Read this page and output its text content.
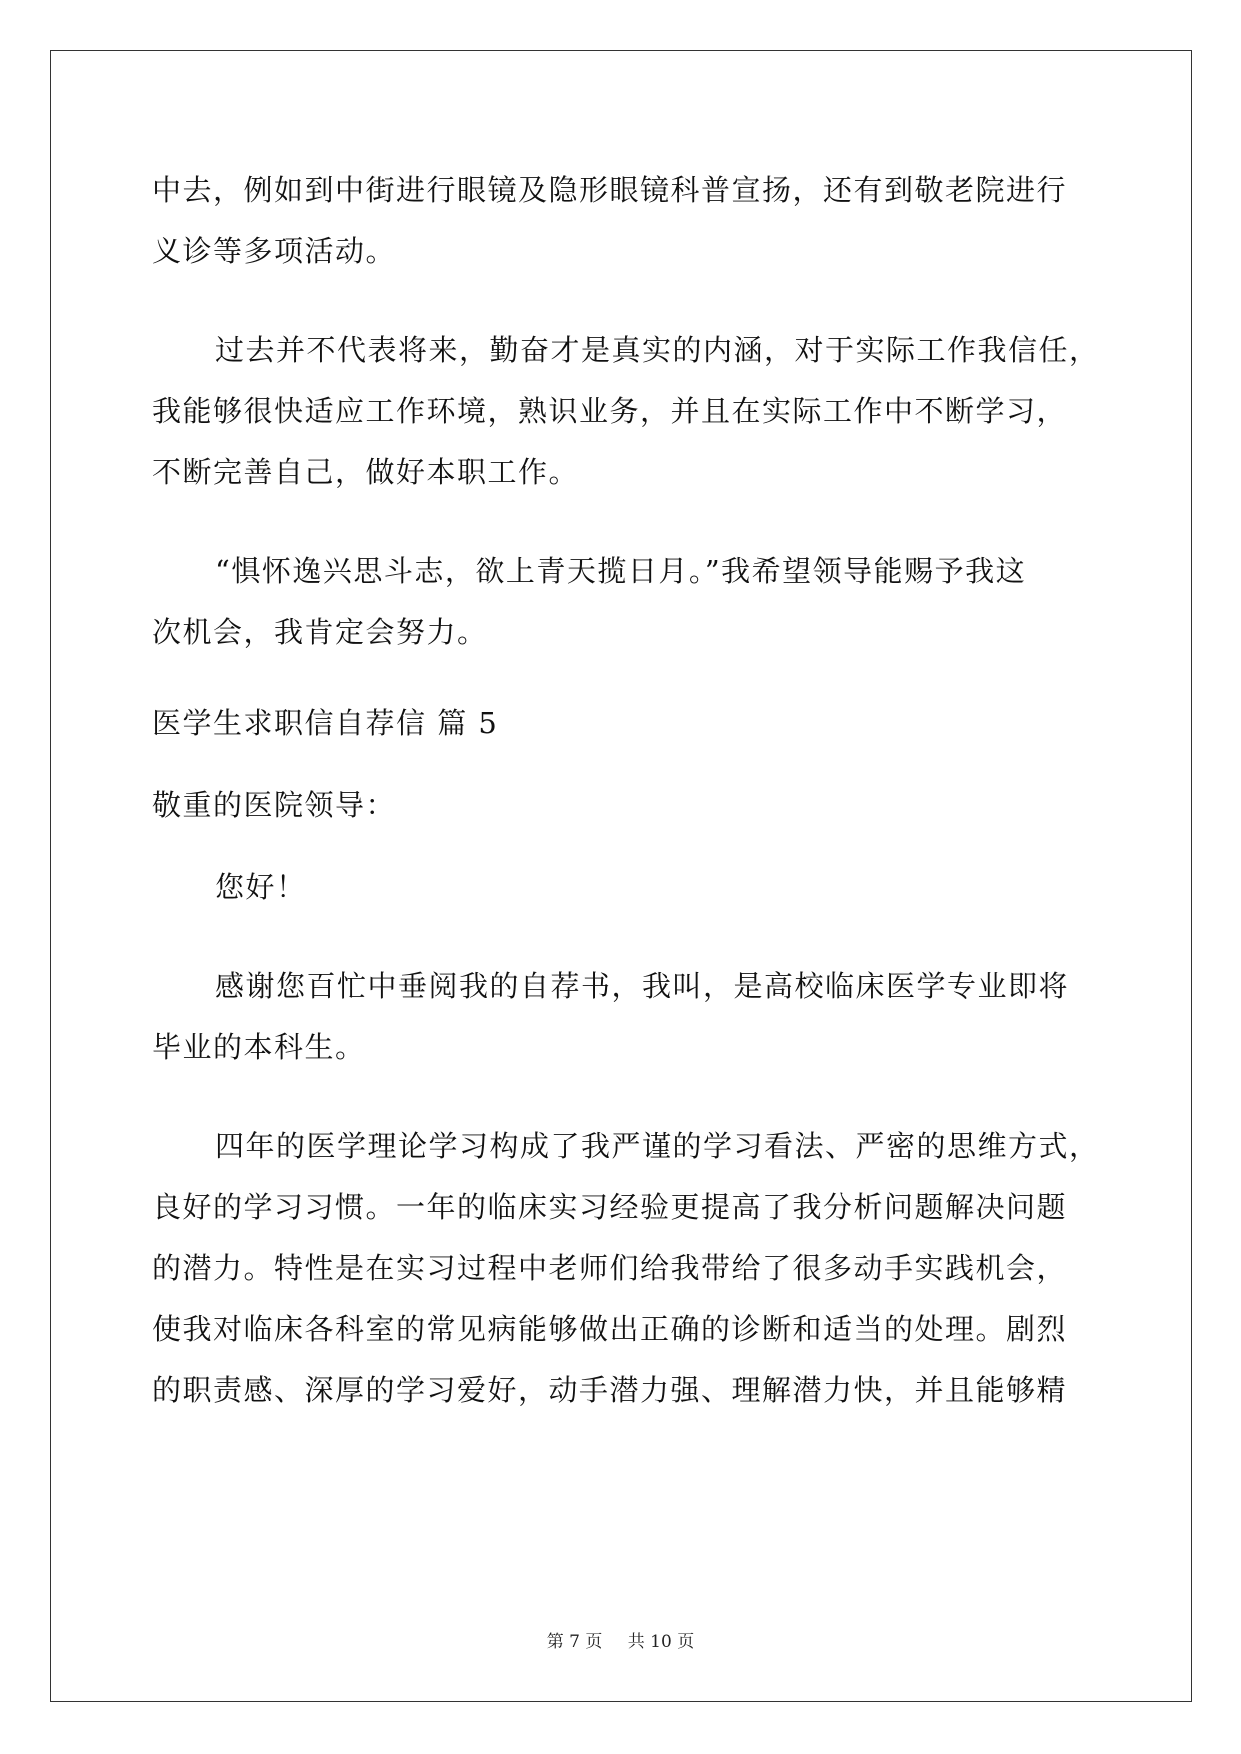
中去，例如到中街进行眼镜及隐形眼镜科普宣扬，还有到敬老院进行
义诊等多项活动。
过去并不代表将来，勤奋才是真实的内涵，对于实际工作我信任，
我能够很快适应工作环境，熟识业务，并且在实际工作中不断学习，
不断完善自己，做好本职工作。
“惧怀逸兴思斗志，欲上青天揽日月。”我希望领导能赐予我这
次机会，我肯定会努力。
医学生求职信自荐信 篇 5
敬重的医院领导：
您好！
感谢您百忙中垂阅我的自荐书，我叫，是高校临床医学专业即将
毕业的本科生。
四年的医学理论学习构成了我严谨的学习看法、严密的思维方式，
良好的学习习惯。一年的临床实习经验更提高了我分析问题解决问题
的潜力。特性是在实习过程中老师们给我带给了很多动手实践机会，
使我对临床各科室的常见病能够做出正确的诊断和适当的处理。剧烈
的职责感、深厚的学习爱好，动手潜力强、理解潜力快，并且能够精
第 7 页 共 10 页
